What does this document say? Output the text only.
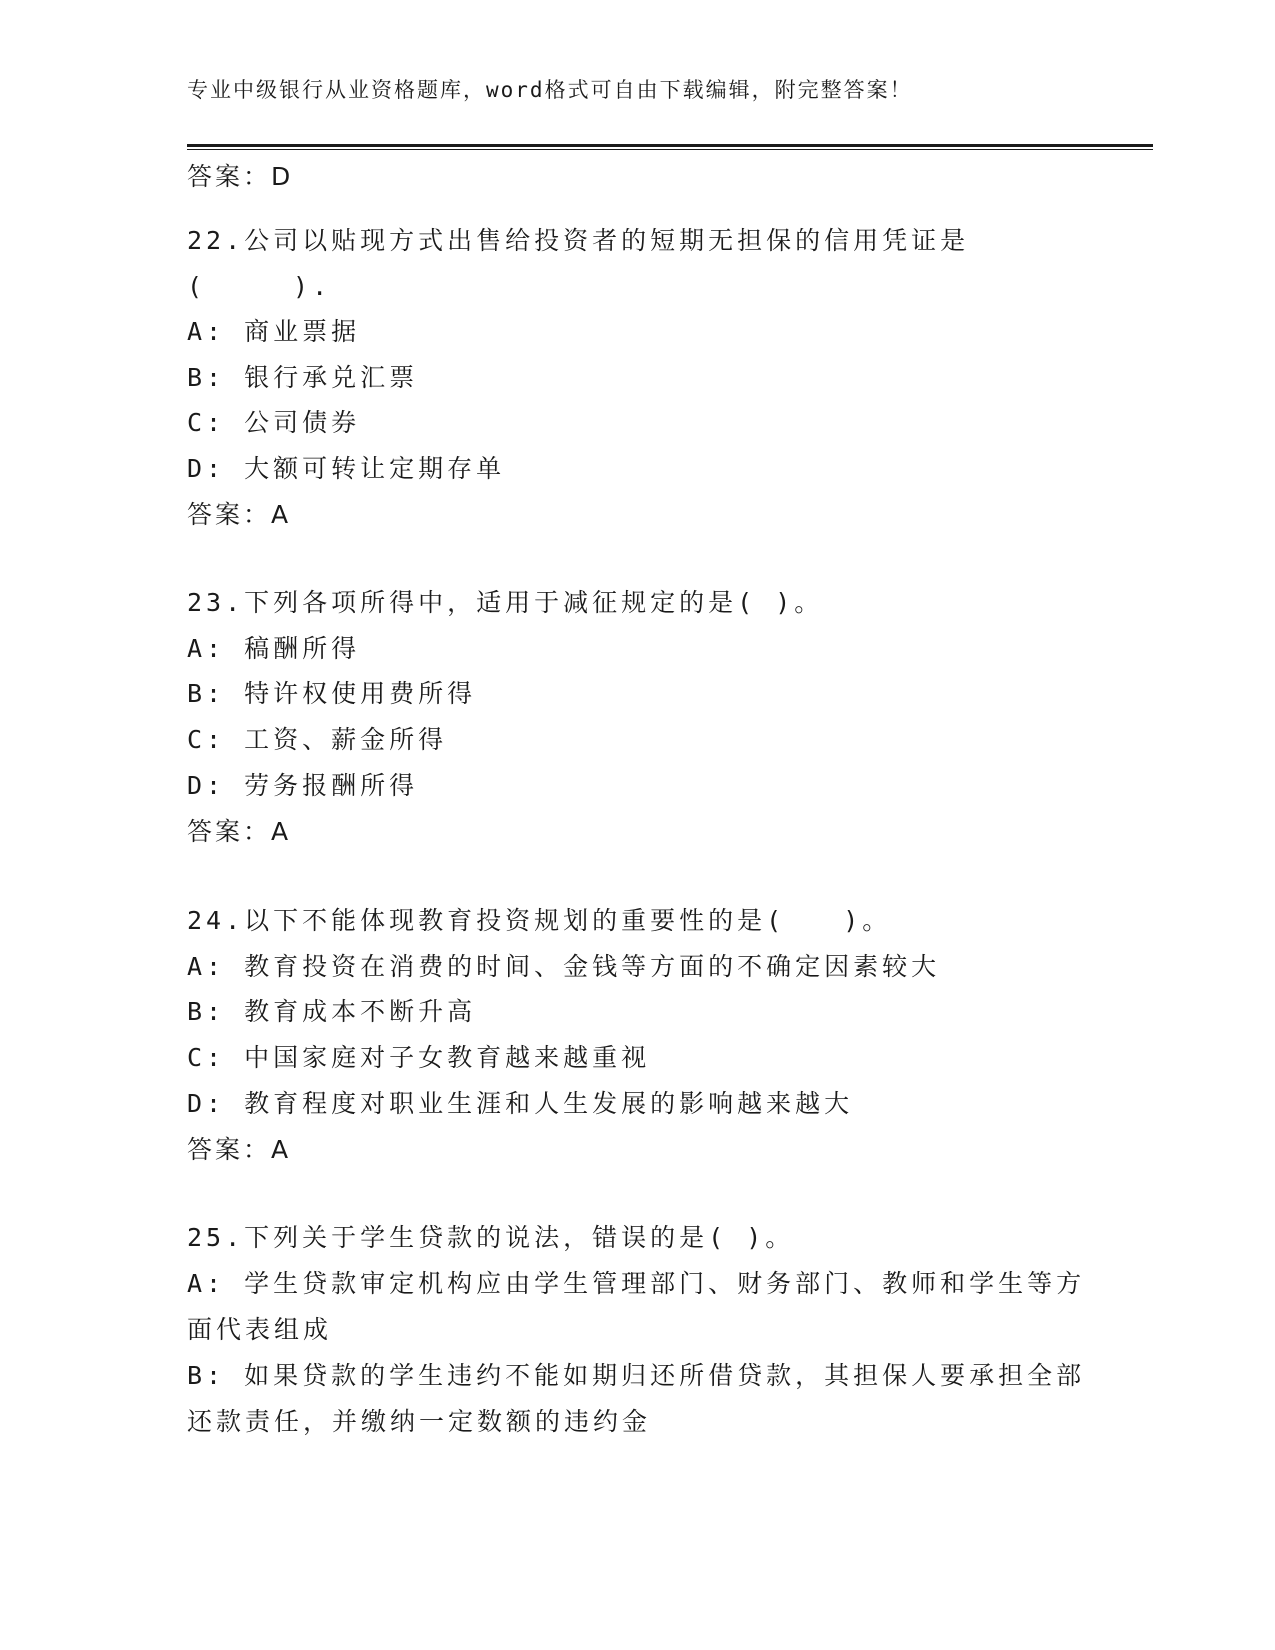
专业中级银行从业资格题库，word格式可自由下载编辑，附完整答案！
答案：D
22.公司以贴现方式出售给投资者的短期无担保的信用凭证是
(　　　).
A: 商业票据
B: 银行承兑汇票
C: 公司债券
D: 大额可转让定期存单
答案：A
23.下列各项所得中，适用于减征规定的是( )。
A: 稿酬所得
B: 特许权使用费所得
C: 工资、薪金所得
D: 劳务报酬所得
答案：A
24.以下不能体现教育投资规划的重要性的是(　　)。
A: 教育投资在消费的时间、金钱等方面的不确定因素较大
B: 教育成本不断升高
C: 中国家庭对子女教育越来越重视
D: 教育程度对职业生涯和人生发展的影响越来越大
答案：A
25.下列关于学生贷款的说法，错误的是( )。
A: 学生贷款审定机构应由学生管理部门、财务部门、教师和学生等方
面代表组成
B: 如果贷款的学生违约不能如期归还所借贷款，其担保人要承担全部
还款责任，并缴纳一定数额的违约金
